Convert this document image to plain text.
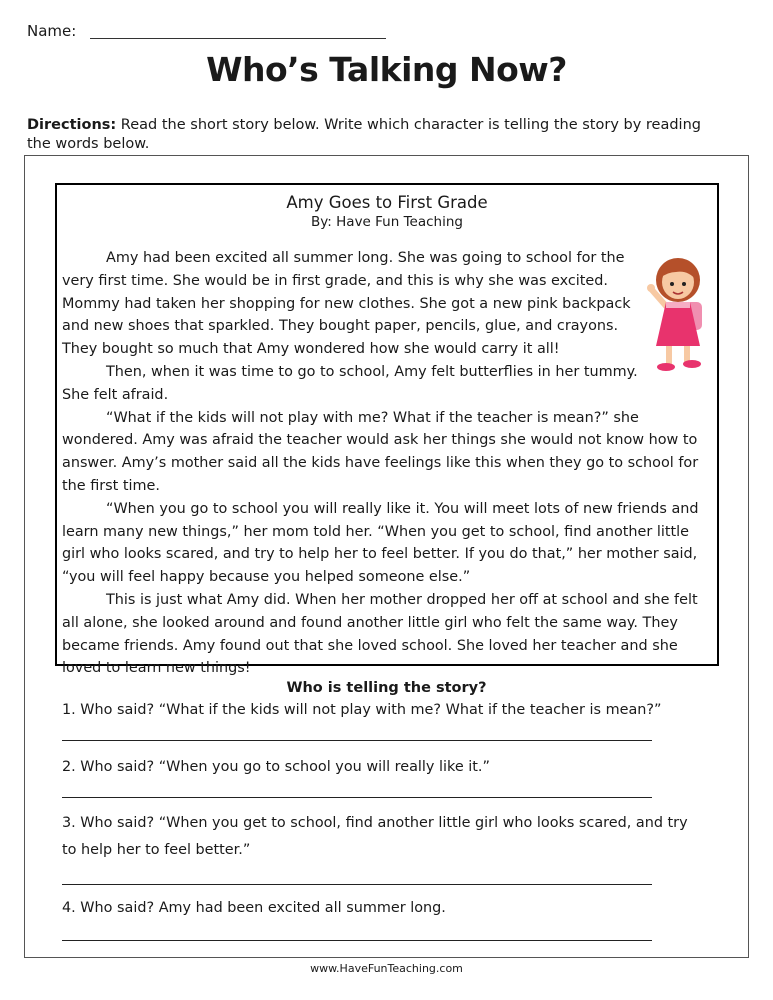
Name:
Who’s Talking Now?
Directions: Read the short story below. Write which character is telling the story by reading the words below.
Amy Goes to First Grade
By: Have Fun Teaching

Amy had been excited all summer long. She was going to school for the very first time. She would be in first grade, and this is why she was excited. Mommy had taken her shopping for new clothes. She got a new pink backpack and new shoes that sparkled. They bought paper, pencils, glue, and crayons. They bought so much that Amy wondered how she would carry it all!

Then, when it was time to go to school, Amy felt butterflies in her tummy. She felt afraid.

“What if the kids will not play with me? What if the teacher is mean?” she wondered. Amy was afraid the teacher would ask her things she would not know how to answer. Amy’s mother said all the kids have feelings like this when they go to school for the first time.

“When you go to school you will really like it. You will meet lots of new friends and learn many new things,” her mom told her. “When you get to school, find another little girl who looks scared, and try to help her to feel better. If you do that,” her mother said, “you will feel happy because you helped someone else.”

This is just what Amy did. When her mother dropped her off at school and she felt all alone, she looked around and found another little girl who felt the same way. They became friends. Amy found out that she loved school. She loved her teacher and she loved to learn new things!

Who is telling the story?
1. Who said? “What if the kids will not play with me? What if the teacher is mean?”
2. Who said? “When you go to school you will really like it.”
3. Who said? “When you get to school, find another little girl who looks scared, and try to help her to feel better.”
4. Who said? Amy had been excited all summer long.
www.HaveFunTeaching.com
